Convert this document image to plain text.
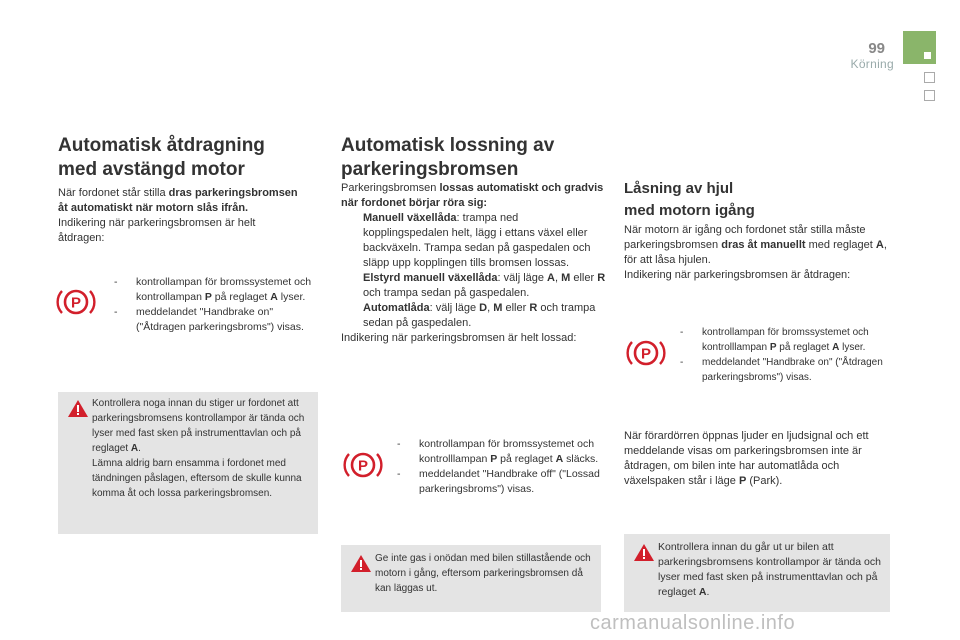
99
Körning
Automatisk åtdragning
med avstängd motor
När fordonet står stilla dras parkeringsbromsen åt automatiskt när motorn slås ifrån.
Indikering när parkeringsbromsen är helt åtdragen:
P
- kontrollampan för bromssystemet och kontrollampan P på reglaget A lyser.
- meddelandet "Handbrake on" ("Åtdragen parkeringsbroms") visas.
Kontrollera noga innan du stiger ur fordonet att parkeringsbromsens kontrollampor är tända och lyser med fast sken på instrumenttavlan och på reglaget A.
Lämna aldrig barn ensamma i fordonet med tändningen påslagen, eftersom de skulle kunna komma åt och lossa parkeringsbromsen.
Automatisk lossning av
parkeringsbromsen
Parkeringsbromsen lossas automatiskt och gradvis när fordonet börjar röra sig:
Manuell växellåda: trampa ned kopplingspedalen helt, lägg i ettans växel eller backväxeln. Trampa sedan på gaspedalen och släpp upp kopplingen tills bromsen lossas.
Elstyrd manuell växellåda: välj läge A, M eller R och trampa sedan på gaspedalen.
Automatlåda: välj läge D, M eller R och trampa sedan på gaspedalen.
Indikering när parkeringsbromsen är helt lossad:
P
- kontrollampan för bromssystemet och kontrolllampan P på reglaget A släcks.
- meddelandet "Handbrake off" ("Lossad parkeringsbroms") visas.
Ge inte gas i onödan med bilen stillastående och motorn i gång, eftersom parkeringsbromsen då kan läggas ut.
Låsning av hjul
med motorn igång
När motorn är igång och fordonet står stilla måste parkeringsbromsen dras åt manuellt med reglaget A, för att låsa hjulen.
Indikering när parkeringsbromsen är åtdragen:
P
- kontrollampan för bromssystemet och kontrolllampan P på reglaget A lyser.
- meddelandet "Handbrake on" ("Åtdragen parkeringsbroms") visas.
När förardörren öppnas ljuder en ljudsignal och ett meddelande visas om parkeringsbromsen inte är åtdragen, om bilen inte har automatlåda och växelspaken står i läge P (Park).
Kontrollera innan du går ut ur bilen att parkeringsbromsens kontrollampor är tända och lyser med fast sken på instrumenttavlan och på reglaget A.
carmanualsonline.info
